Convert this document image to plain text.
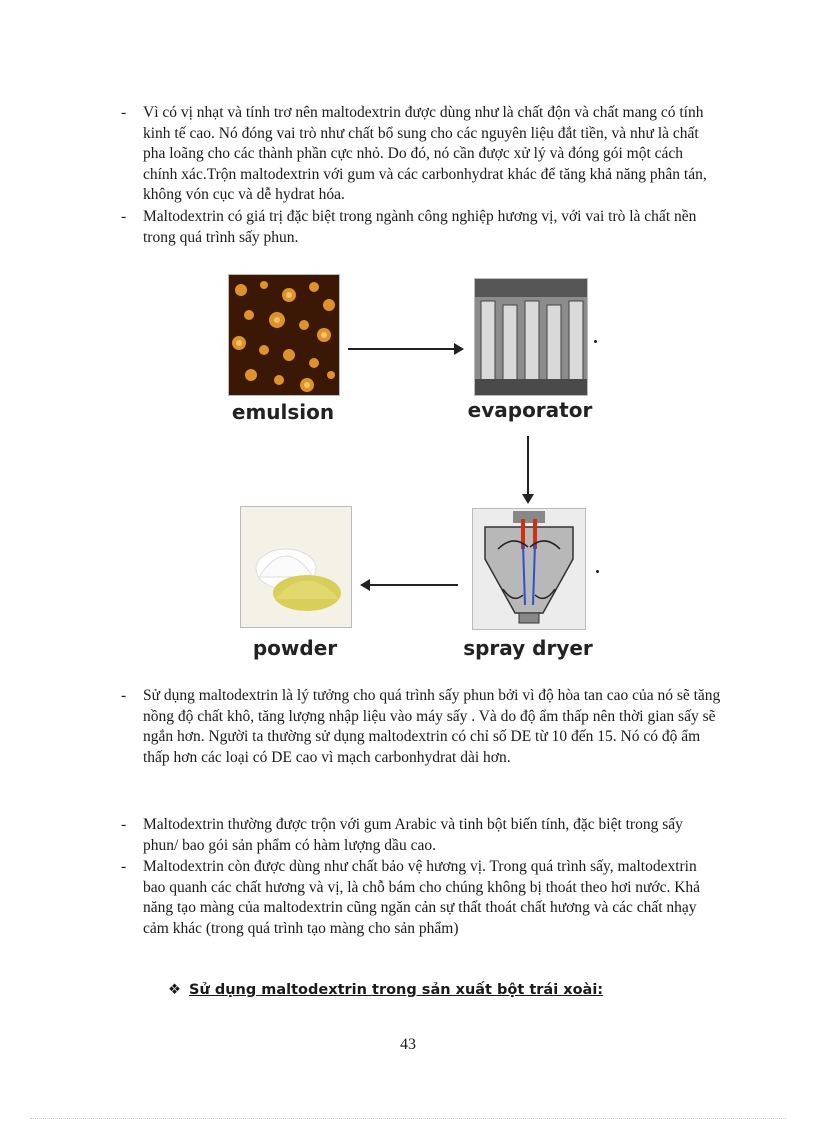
- Vì có vị nhạt và tính trơ nên maltodextrin được dùng như là chất độn và chất mang có tính kinh tế cao. Nó đóng vai trò như chất bổ sung cho các nguyên liệu đắt tiền, và như là chất pha loãng cho các thành phần cực nhỏ. Do đó, nó cần được xử lý và đóng gói một cách chính xác.Trộn maltodextrin với gum và các carbonhydrat khác để tăng khả năng phân tán, không vón cục và dễ hydrat hóa.
- Maltodextrin có giá trị đặc biệt trong ngành công nghiệp hương vị, với vai trò là chất nền trong quá trình sấy phun.
emulsion	evaporator
spray dryer
powder
- Sử dụng maltodextrin là lý tưởng cho quá trình sấy phun bởi vì độ hòa tan cao của nó sẽ tăng nồng độ chất khô, tăng lượng nhập liệu vào máy sấy . Và do độ ẩm thấp nên thời gian sấy sẽ ngắn hơn. Người ta thường sử dụng maltodextrin có chỉ số DE từ 10 đến 15. Nó có độ ẩm thấp hơn các loại có DE cao vì mạch carbonhydrat dài hơn.
- Maltodextrin thường được trộn với gum Arabic và tinh bột biến tính, đặc biệt trong sấy phun/ bao gói sản phẩm có hàm lượng dầu cao.
- Maltodextrin còn được dùng như chất bảo vệ hương vị. Trong quá trình sấy, maltodextrin bao quanh các chất hương và vị, là chỗ bám cho chúng không bị thoát theo hơi nước. Khả năng tạo màng của maltodextrin cũng ngăn cản sự thất thoát chất hương và các chất nhạy cảm khác (trong quá trình tạo màng cho sản phẩm)
❖ Sử dụng maltodextrin trong sản xuất bột trái xoài:
43
